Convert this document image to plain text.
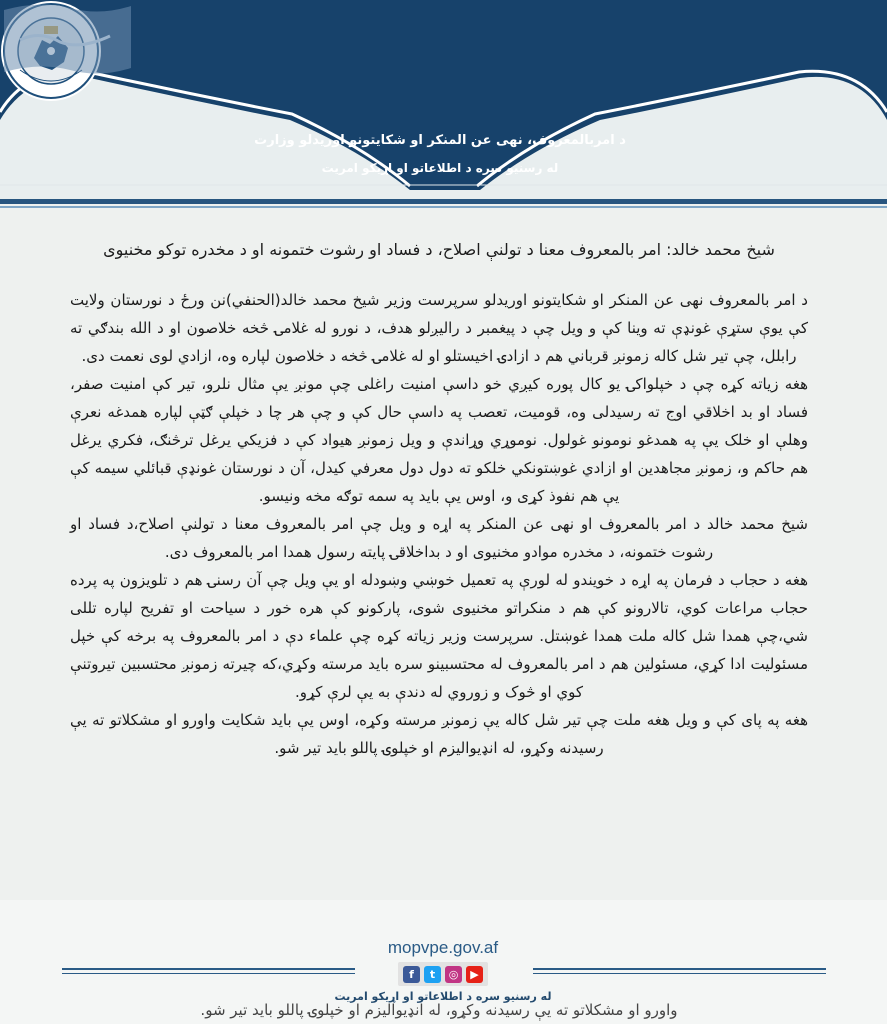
د امربالمعروف، نهی عن المنکر او شکايتونو اوريدلو وزارت
له رسنيو سره د اطلاعاتو او اړيکو امريت
شیخ محمد خالد: امر بالمعروف معنا د تولنې اصلاح، د فساد او رشوت ختمونه او د مخدره توکو مخنیوی

د امر بالمعروف نهی عن المنکر او شکایتونو اوریدلو سرپرست وزیر شیخ محمد خالد(الحنفي)نن ورځ د نورستان ولایت کې یوې ستړې غونډې ته وینا کې و ویل چې د پیغمبر د رالیږلو هدف، د نورو له غلامۍ څخه خلاصون او د الله بندګي ته رابلل، چې تیر شل کاله زمونږ قرباني هم د ازادۍ اخیستلو او له غلامۍ څخه د خلاصون لپاره وه، ازادي لوی نعمت دی.

هغه زیاته کړه چې د خپلواکۍ یو کال پوره کیږي خو داسې امنیت راغلی چې مونږ یې مثال نلرو، تیر کې امنیت صفر، فساد او بد اخلاقي اوج ته رسیدلی وه، قومیت، تعصب په داسې حال کې و چې هر چا د خپلې ګټې لپاره همدغه نعرې وهلې او خلک یې په همدغو نومونو غولول. نوموړي وړاندې و ویل زمونږ هیواد کې د فزیکي یرغل ترڅنګ، فکري یرغل هم حاکم و، زمونږ مجاهدین او ازادي غوښتونکي خلکو ته دول دول معرفي کیدل، آن د نورستان غونډې قبائلي سیمه کې یې هم نفوذ کړی و، اوس یې باید په سمه توګه مخه ونیسو.

شیخ محمد خالد د امر بالمعروف او نهی عن المنکر په اړه و ویل چې امر بالمعروف معنا د تولنې اصلاح،د فساد او رشوت ختمونه، د مخدره موادو مخنیوی او د بداخلاقۍ پایته رسول همدا امر بالمعروف دی.

هغه د حجاب د فرمان په اړه د خویندو له لورې په تعمیل خوښي وښودله او یې ویل چې آن رسنۍ هم د تلویزون په پرده حجاب مراعات کوي، تالارونو کې هم د منکراتو مخنیوی شوی، پارکونو کې هره خور د سیاحت او تفریح لپاره تللی شي،چې همدا شل کاله ملت همدا غوښتل. سرپرست وزیر زیاته کړه چې علماء دې د امر بالمعروف په برخه کې خپل مسئولیت ادا کړي، مسئولین هم د امر بالمعروف له محتسبینو سره باید مرسته وکړي،که چیرته زمونږ محتسبین تیروتنې کوي او څوک و زوروي له دندې به یې لرې کړو.

هغه په پای کې و ویل هغه ملت چې تیر شل کاله یې زمونږ مرسته وکړه، اوس یې باید شکایت واورو او مشکلاتو ته یې رسیدنه وکړو، له انډیوالیزم او خپلوۍ پاللو باید تیر شو.

mopvpe.gov.af
f	t	◎	▶
له رسنيو سره د اطلاعاتو او اړيکو امريت
واورو او مشکلاتو ته یې رسیدنه وکړو، له انډیوالیزم او خپلوۍ پاللو باید تیر شو.
